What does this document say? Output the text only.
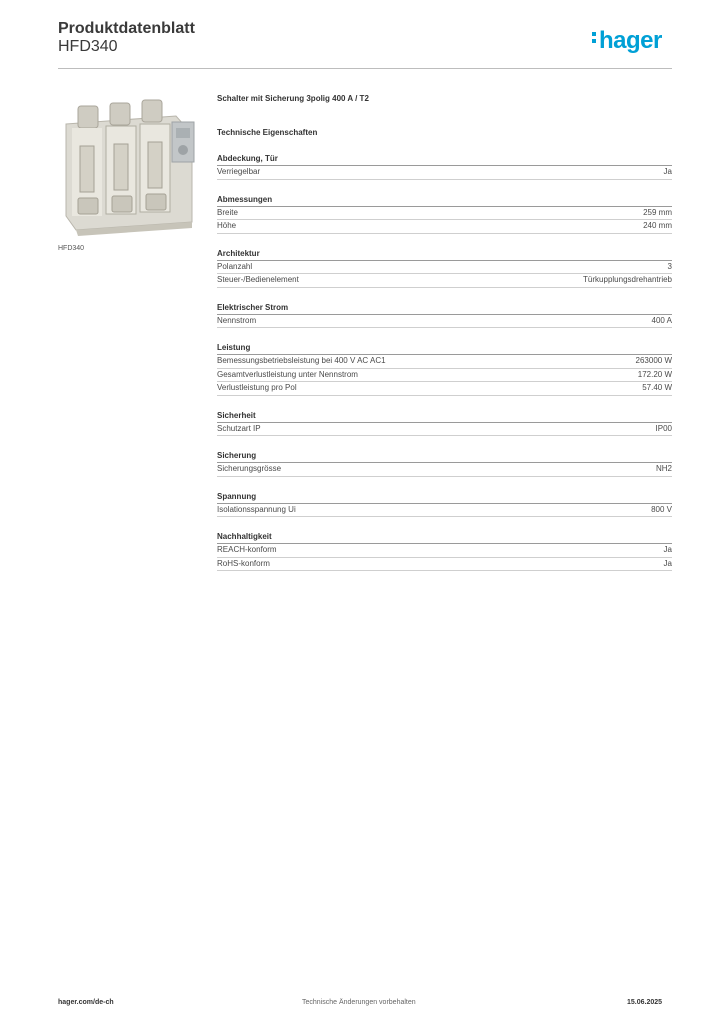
Produktdatenblatt
HFD340	hager
HFD340
Schalter mit Sicherung 3polig 400 A / T2
Technische Eigenschaften
Abdeckung, Tür
Verriegelbar	Ja
Abmessungen
Breite	259 mm
Höhe	240 mm
Architektur
Polanzahl	3
Steuer-/Bedienelement	Türkupplungsdrehantrieb
Elektrischer Strom
Nennstrom	400 A
Leistung
Bemessungsbetriebsleistung bei 400 V AC AC1	263000 W
Gesamtverlustleistung unter Nennstrom	172.20 W
Verlustleistung pro Pol	57.40 W
Sicherheit
Schutzart IP	IP00
Sicherung
Sicherungsgrösse	NH2
Spannung
Isolationsspannung Ui	800 V
Nachhaltigkeit
REACH-konform	Ja
RoHS-konform	Ja
hager.com/de-ch	Technische Änderungen vorbehalten	15.06.2025
